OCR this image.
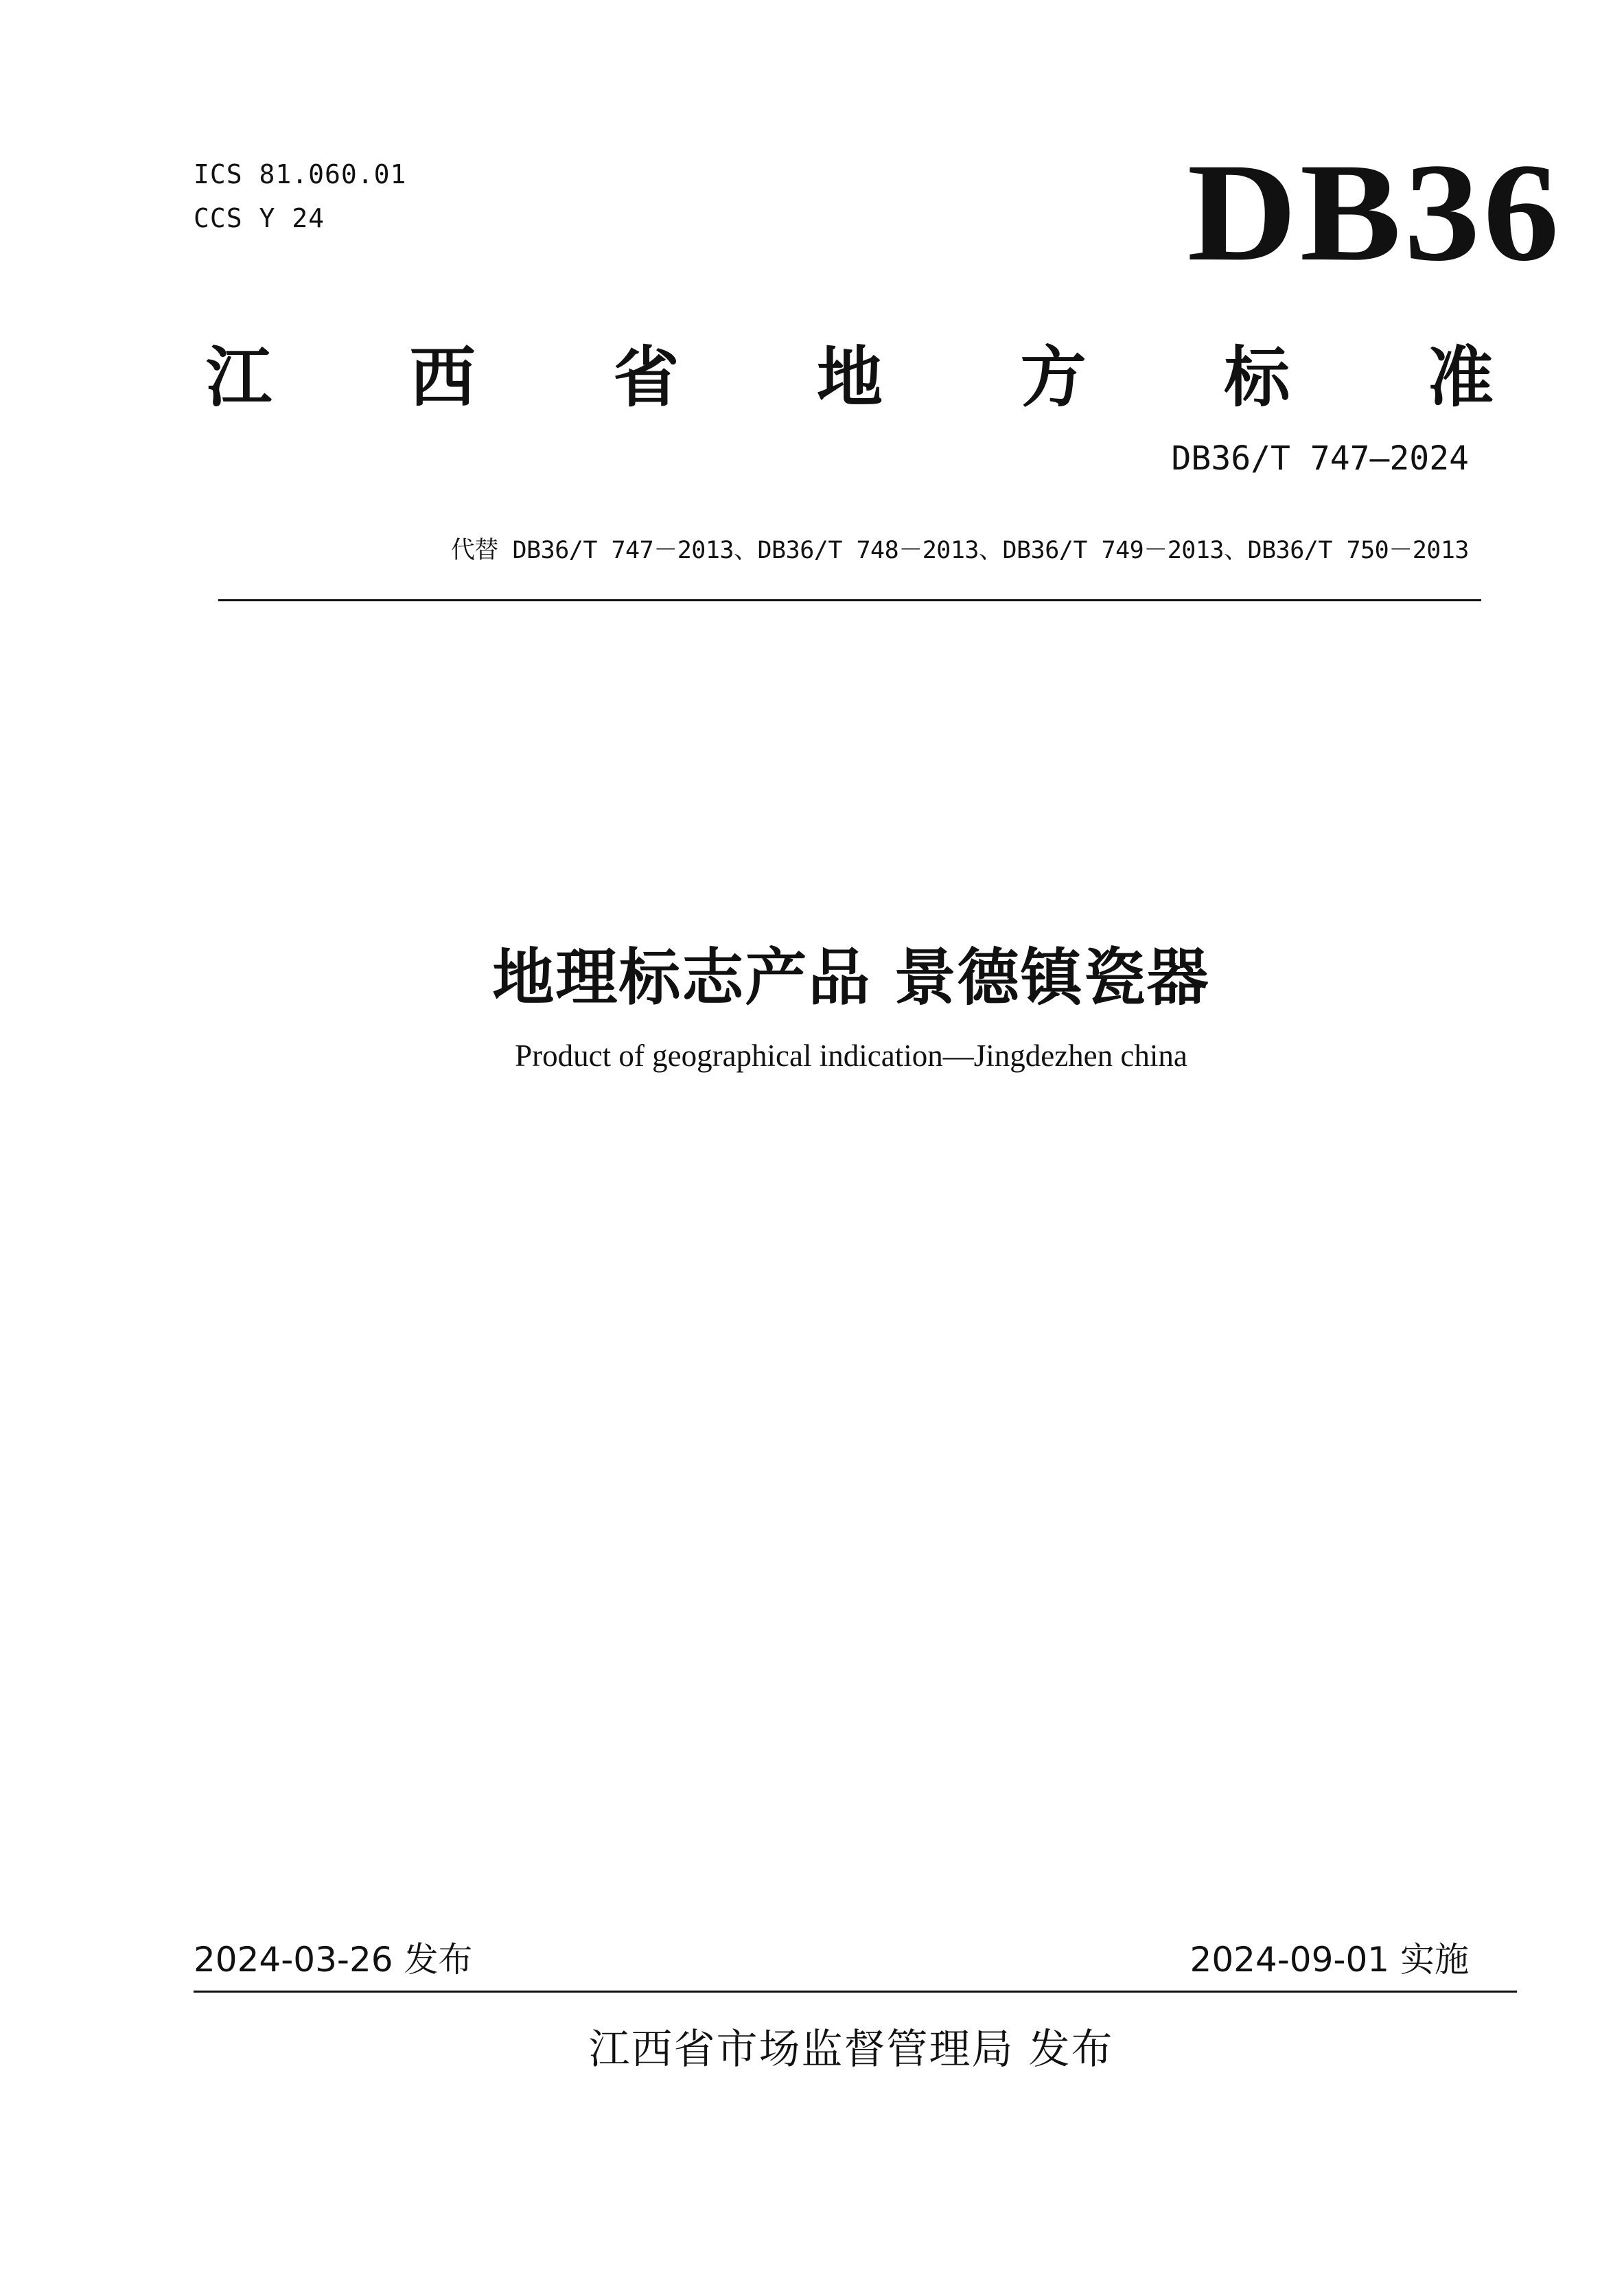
ICS 81.060.01
CCS Y 24	DB36
江 西 省 地 方 标 准
DB36/T 747—2024
代替 DB36/T 747－2013、DB36/T 748－2013、DB36/T 749－2013、DB36/T 750－2013
地理标志产品 景德镇瓷器
Product of geographical indication—Jingdezhen china
2024-03-26 发布	2024-09-01 实施
江西省市场监督管理局 发布
